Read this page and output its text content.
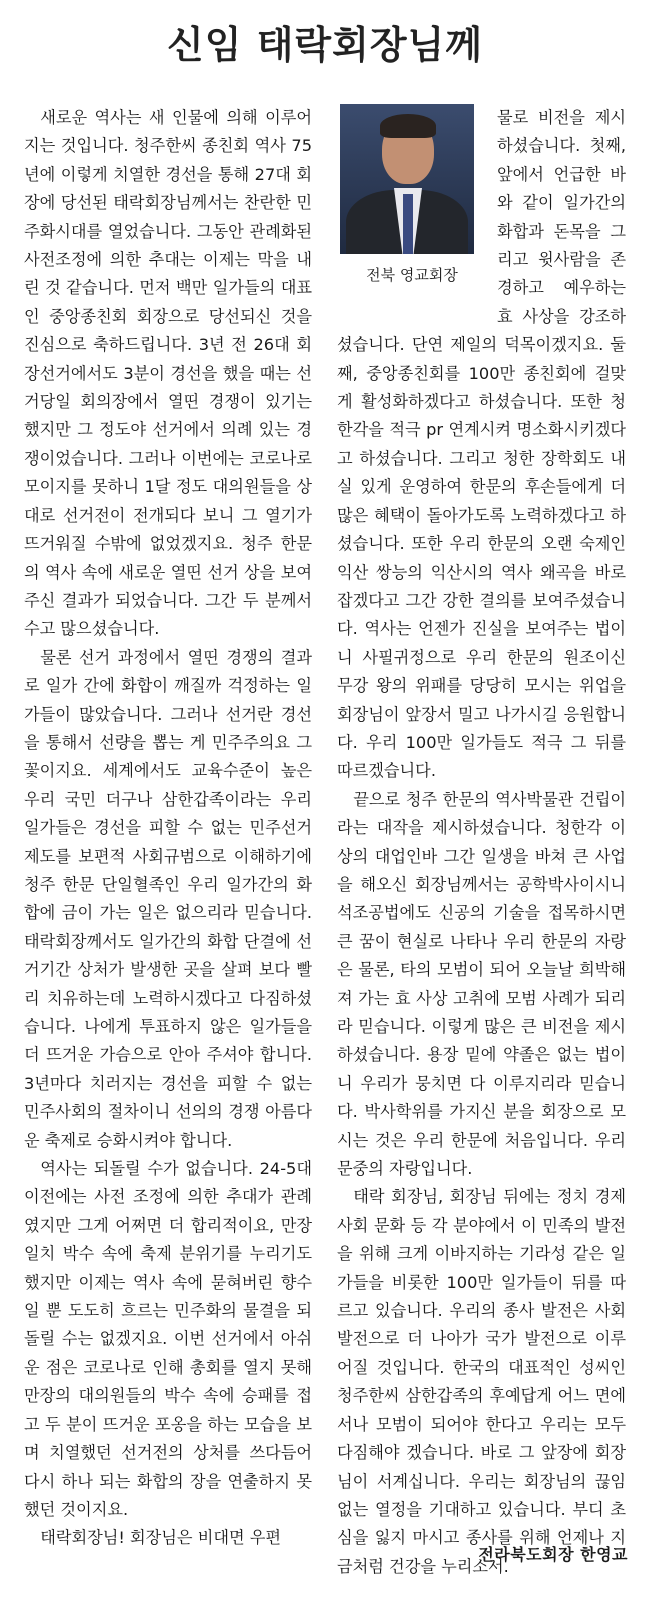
신임 태락회장님께

새로운 역사는 새 인물에 의해 이루어지는 것입니다. 청주한씨 종친회 역사 75년에 이렇게 치열한 경선을 통해 27대 회장에 당선된 태락회장님께서는 찬란한 민주화시대를 열었습니다. 그동안 관례화된 사전조정에 의한 추대는 이제는 막을 내린 것 같습니다. 먼저 백만 일가들의 대표인 중앙종친회 회장으로 당선되신 것을 진심으로 축하드립니다. 3년 전 26대 회장선거에서도 3분이 경선을 했을 때는 선거당일 회의장에서 열띤 경쟁이 있기는 했지만 그 정도야 선거에서 의례 있는 경쟁이었습니다. 그러나 이번에는 코로나로 모이지를 못하니 1달 정도 대의원들을 상대로 선거전이 전개되다 보니 그 열기가 뜨거워질 수밖에 없었겠지요. 청주 한문의 역사 속에 새로운 열띤 선거 상을 보여주신 결과가 되었습니다. 그간 두 분께서 수고 많으셨습니다.

물론 선거 과정에서 열띤 경쟁의 결과로 일가 간에 화합이 깨질까 걱정하는 일가들이 많았습니다. 그러나 선거란 경선을 통해서 선량을 뽑는 게 민주주의요 그 꽃이지요. 세계에서도 교육수준이 높은 우리 국민 더구나 삼한갑족이라는 우리 일가들은 경선을 피할 수 없는 민주선거 제도를 보편적 사회규범으로 이해하기에 청주 한문 단일혈족인 우리 일가간의 화합에 금이 가는 일은 없으리라 믿습니다. 태락회장께서도 일가간의 화합 단결에 선거기간 상처가 발생한 곳을 살펴 보다 빨리 치유하는데 노력하시겠다고 다짐하셨습니다. 나에게 투표하지 않은 일가들을 더 뜨거운 가슴으로 안아 주셔야 합니다. 3년마다 치러지는 경선을 피할 수 없는 민주사회의 절차이니 선의의 경쟁 아름다운 축제로 승화시켜야 합니다.

역사는 되돌릴 수가 없습니다. 24-5대 이전에는 사전 조정에 의한 추대가 관례였지만 그게 어쩌면 더 합리적이요, 만장일치 박수 속에 축제 분위기를 누리기도 했지만 이제는 역사 속에 묻혀버린 향수일 뿐 도도히 흐르는 민주화의 물결을 되돌릴 수는 없겠지요. 이번 선거에서 아쉬운 점은 코로나로 인해 총회를 열지 못해 만장의 대의원들의 박수 속에 승패를 접고 두 분이 뜨거운 포옹을 하는 모습을 보며 치열했던 선거전의 상처를 쓰다듬어 다시 하나 되는 화합의 장을 연출하지 못했던 것이지요.

태락회장님! 회장님은 비대면 우편

전북 영교회장

물로 비전을 제시하셨습니다. 첫째, 앞에서 언급한 바와 같이 일가간의 화합과 돈목을 그리고 윗사람을 존경하고 예우하는 효 사상을 강조하셨습니다. 단연 제일의 덕목이겠지요. 둘째, 중앙종친회를 100만 종친회에 걸맞게 활성화하겠다고 하셨습니다. 또한 청한각을 적극 pr 연계시켜 명소화시키겠다고 하셨습니다. 그리고 청한 장학회도 내실 있게 운영하여 한문의 후손들에게 더 많은 혜택이 돌아가도록 노력하겠다고 하셨습니다. 또한 우리 한문의 오랜 숙제인 익산 쌍능의 익산시의 역사 왜곡을 바로잡겠다고 그간 강한 결의를 보여주셨습니다. 역사는 언젠가 진실을 보여주는 법이니 사필귀정으로 우리 한문의 원조이신 무강 왕의 위패를 당당히 모시는 위업을 회장님이 앞장서 밀고 나가시길 응원합니다. 우리 100만 일가들도 적극 그 뒤를 따르겠습니다.

끝으로 청주 한문의 역사박물관 건립이라는 대작을 제시하셨습니다. 청한각 이상의 대업인바 그간 일생을 바쳐 큰 사업을 해오신 회장님께서는 공학박사이시니 석조공법에도 신공의 기술을 접목하시면 큰 꿈이 현실로 나타나 우리 한문의 자랑은 물론, 타의 모범이 되어 오늘날 희박해져 가는 효 사상 고취에 모범 사례가 되리라 믿습니다. 이렇게 많은 큰 비전을 제시하셨습니다. 용장 밑에 약졸은 없는 법이니 우리가 뭉치면 다 이루지리라 믿습니다. 박사학위를 가지신 분을 회장으로 모시는 것은 우리 한문에 처음입니다. 우리 문중의 자랑입니다.

태락 회장님, 회장님 뒤에는 정치 경제 사회 문화 등 각 분야에서 이 민족의 발전을 위해 크게 이바지하는 기라성 같은 일가들을 비롯한 100만 일가들이 뒤를 따르고 있습니다. 우리의 종사 발전은 사회 발전으로 더 나아가 국가 발전으로 이루어질 것입니다. 한국의 대표적인 성씨인 청주한씨 삼한갑족의 후예답게 어느 면에서나 모범이 되어야 한다고 우리는 모두 다짐해야 겠습니다. 바로 그 앞장에 회장님이 서계십니다. 우리는 회장님의 끊임없는 열정을 기대하고 있습니다. 부디 초심을 잃지 마시고 종사를 위해 언제나 지금처럼 건강을 누리소서.

전라북도회장 한영교
